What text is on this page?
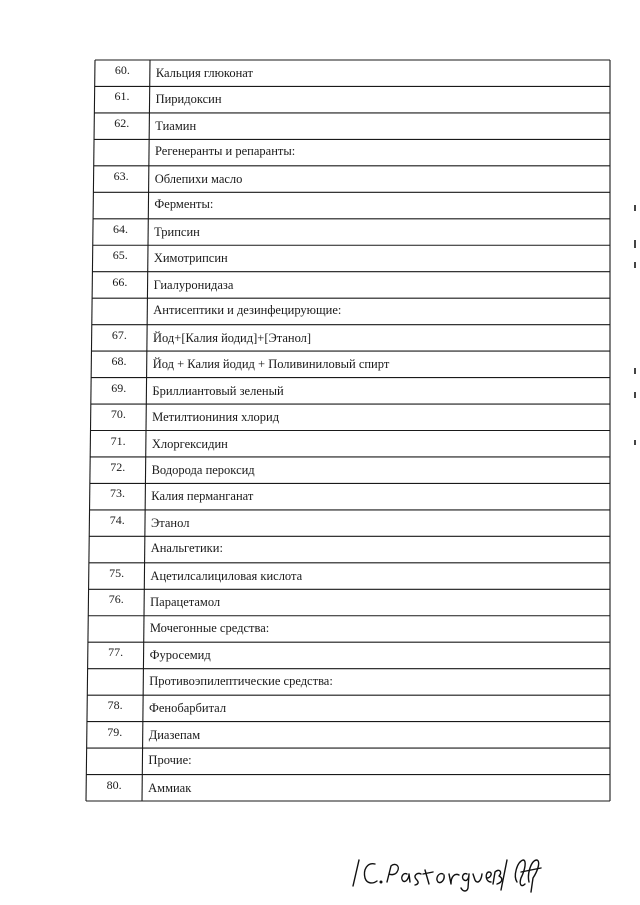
60.	Кальция глюконат
61.	Пиридоксин
62.	Тиамин
Регенеранты и репаранты:
63.	Облепихи масло
Ферменты:
64.	Трипсин
65.	Химотрипсин
66.	Гиалуронидаза
Антисептики и дезинфецирующие:
67.	Йод+[Калия йодид]+[Этанол]
68.	Йод + Калия йодид + Поливиниловый спирт
69.	Бриллиантовый зеленый
70.	Метилтиониния хлорид
71.	Хлоргексидин
72.	Водорода пероксид
73.	Калия перманганат
74.	Этанол
Анальгетики:
75.	Ацетилсалициловая кислота
76.	Парацетамол
Мочегонные средства:
77.	Фуросемид
Противоэпилептические средства:
78.	Фенобарбитал
79.	Диазепам
Прочие:
80.	Аммиак
